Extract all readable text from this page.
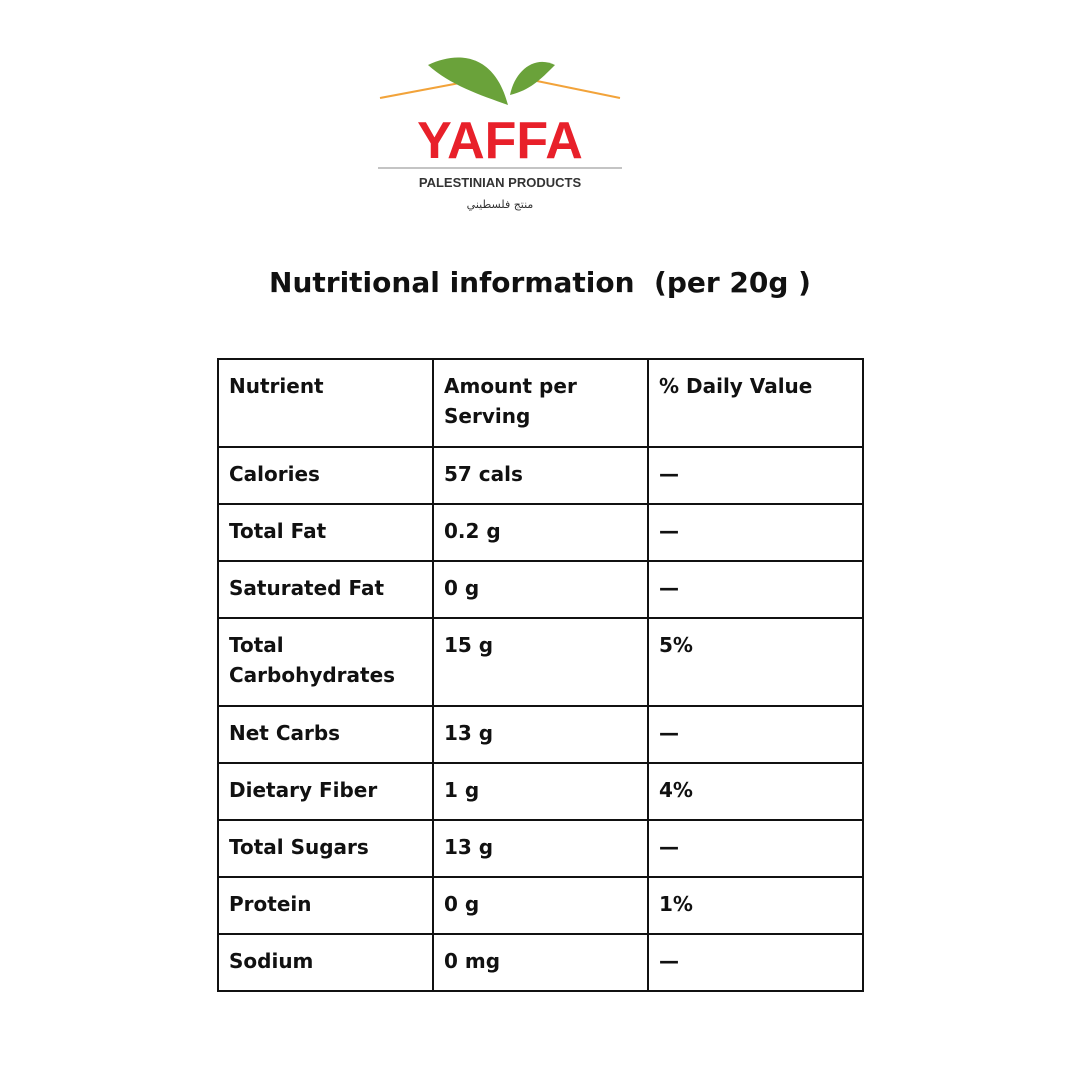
YAFFA
PALESTINIAN PRODUCTS
منتج فلسطيني
Nutritional information  (per 20g )
Nutrient	Amount per Serving	% Daily Value
Calories	57 cals	—
Total Fat	0.2 g	—
Saturated Fat	0 g	—
Total Carbohydrates	15 g	5%
Net Carbs	13 g	—
Dietary Fiber	1 g	4%
Total Sugars	13 g	—
Protein	0 g	1%
Sodium	0 mg	—
